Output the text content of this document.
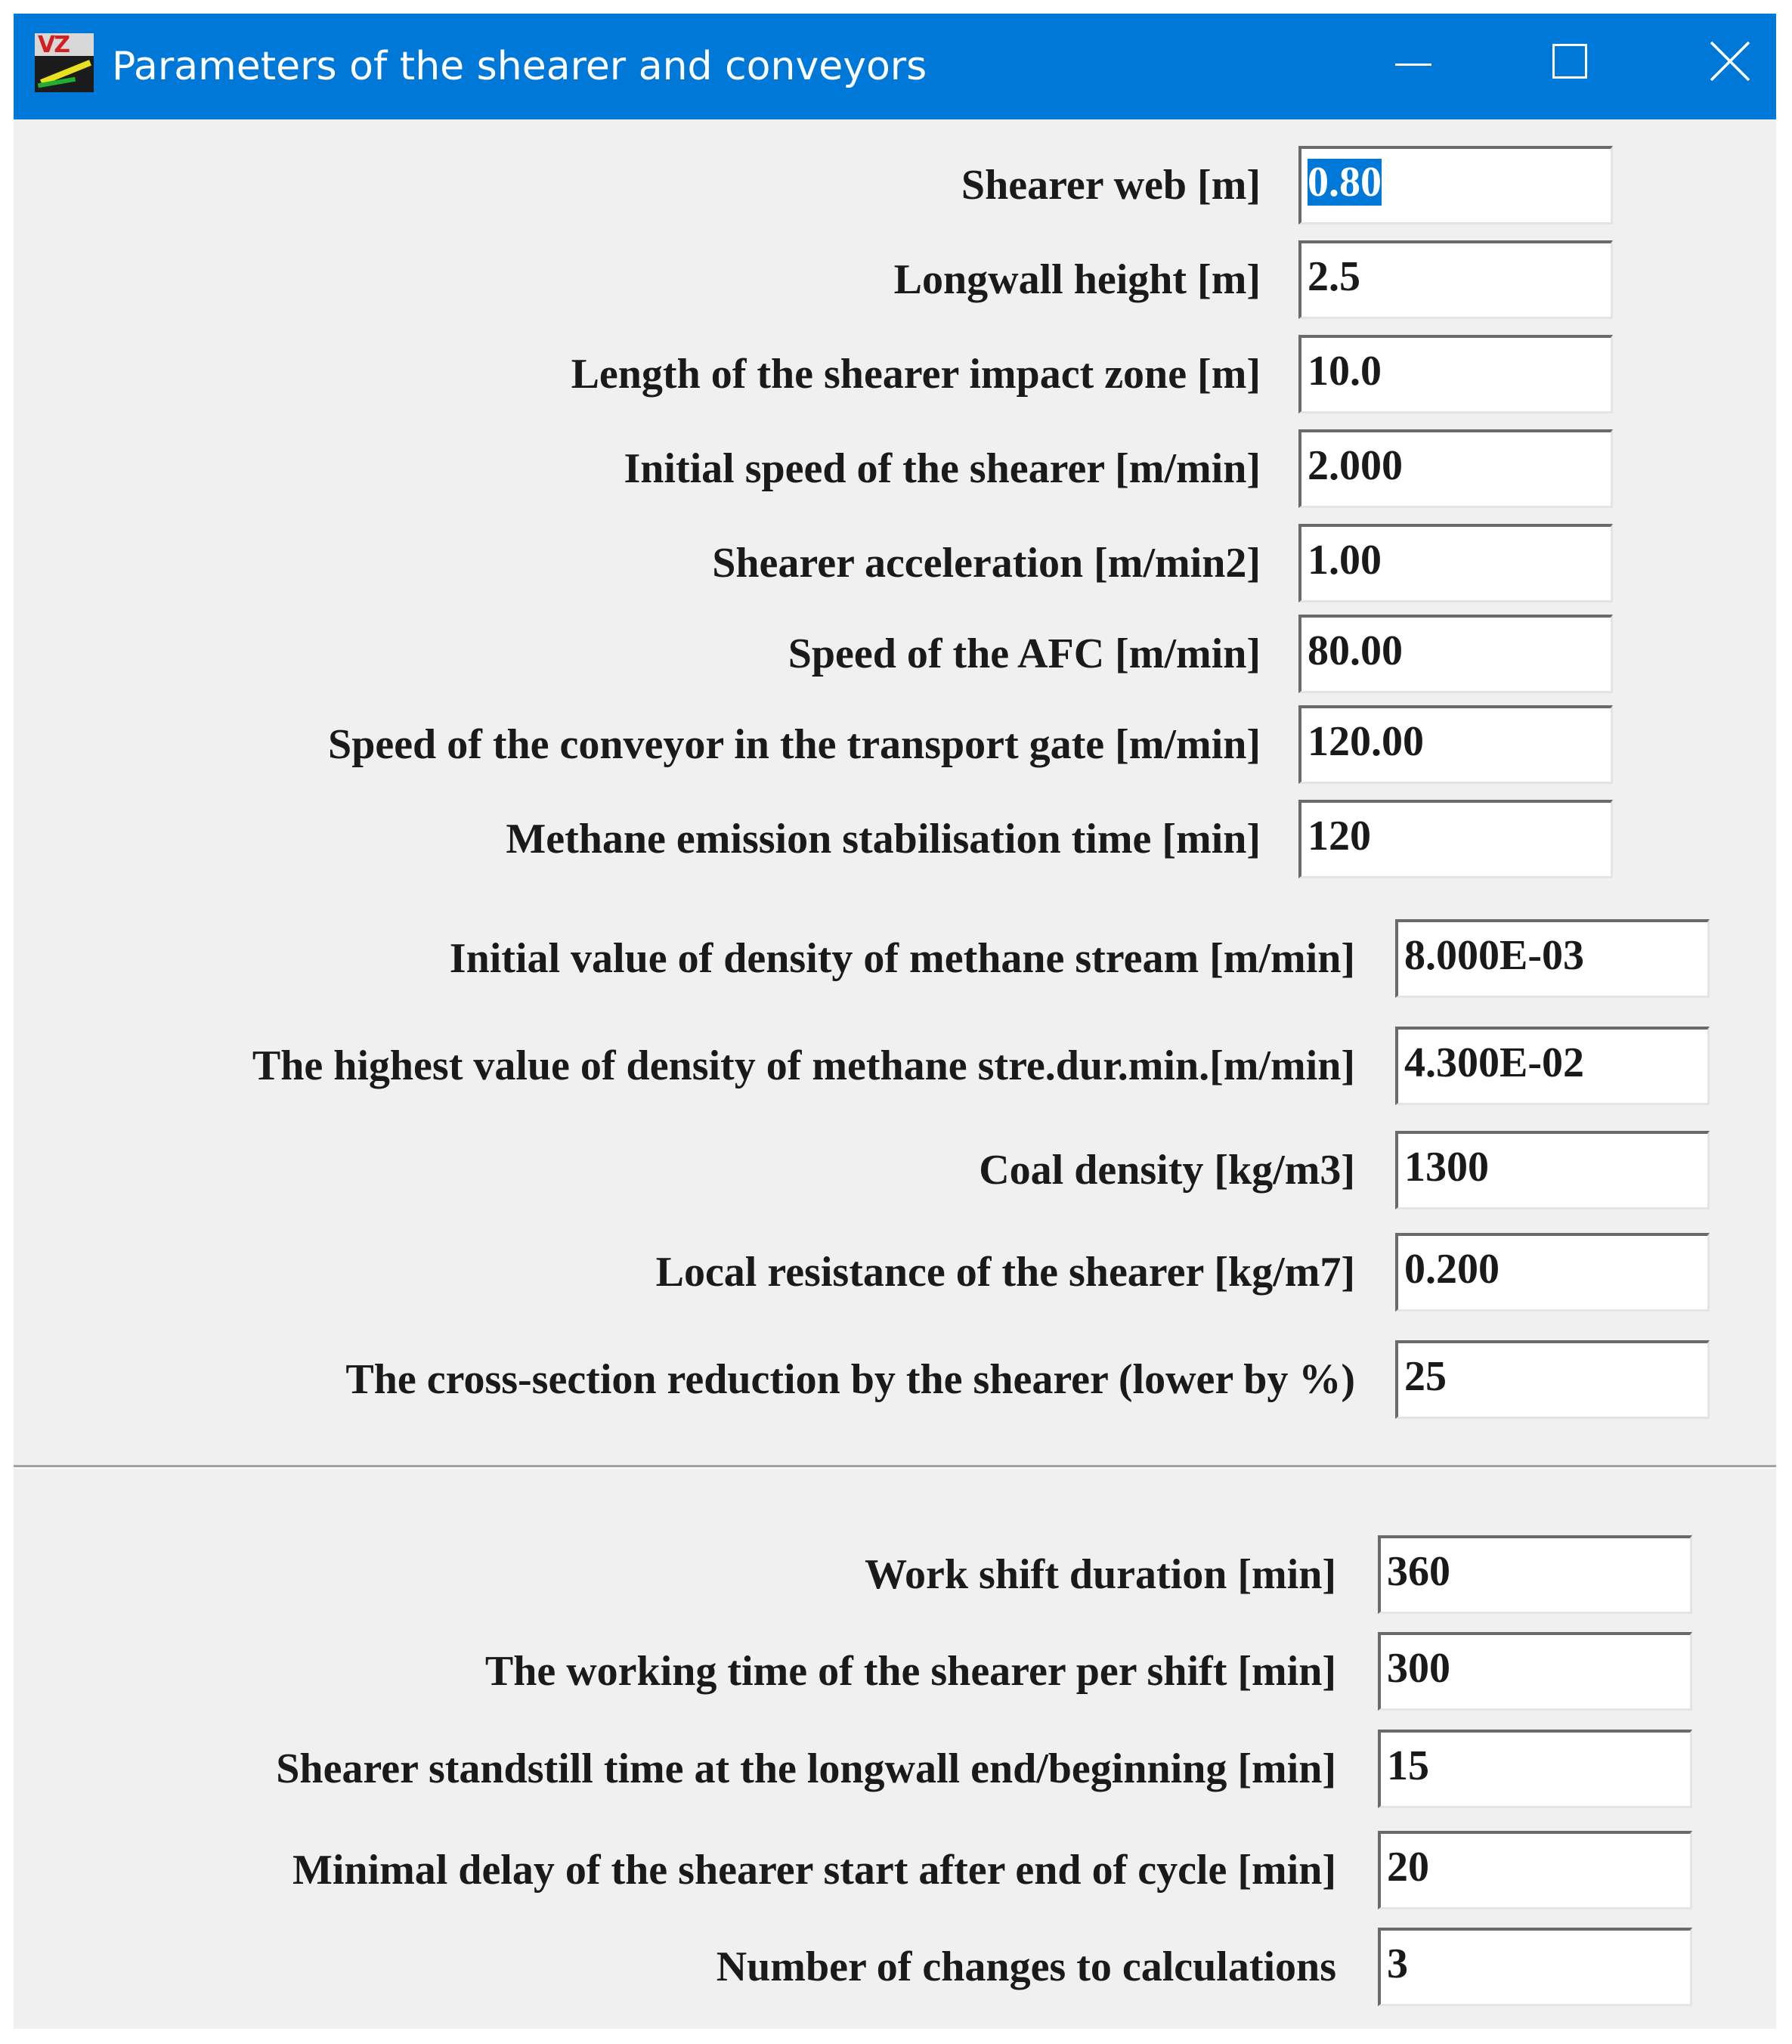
VZ Parameters of the shearer and conveyors
Shearer web [m] 0.80
Longwall height [m] 2.5
Length of the shearer impact zone [m] 10.0
Initial speed of the shearer [m/min] 2.000
Shearer acceleration [m/min2] 1.00
Speed of the AFC [m/min] 80.00
Speed of the conveyor in the transport gate [m/min] 120.00
Methane emission stabilisation time [min] 120
Initial value of density of methane stream [m/min] 8.000E-03
The highest value of density of methane stre.dur.min.[m/min] 4.300E-02
Coal density [kg/m3] 1300
Local resistance of the shearer [kg/m7] 0.200
The cross-section reduction by the shearer (lower by %) 25
Work shift duration [min] 360
The working time of the shearer per shift [min] 300
Shearer standstill time at the longwall end/beginning [min] 15
Minimal delay of the shearer start after end of cycle [min] 20
Number of changes to calculations 3
